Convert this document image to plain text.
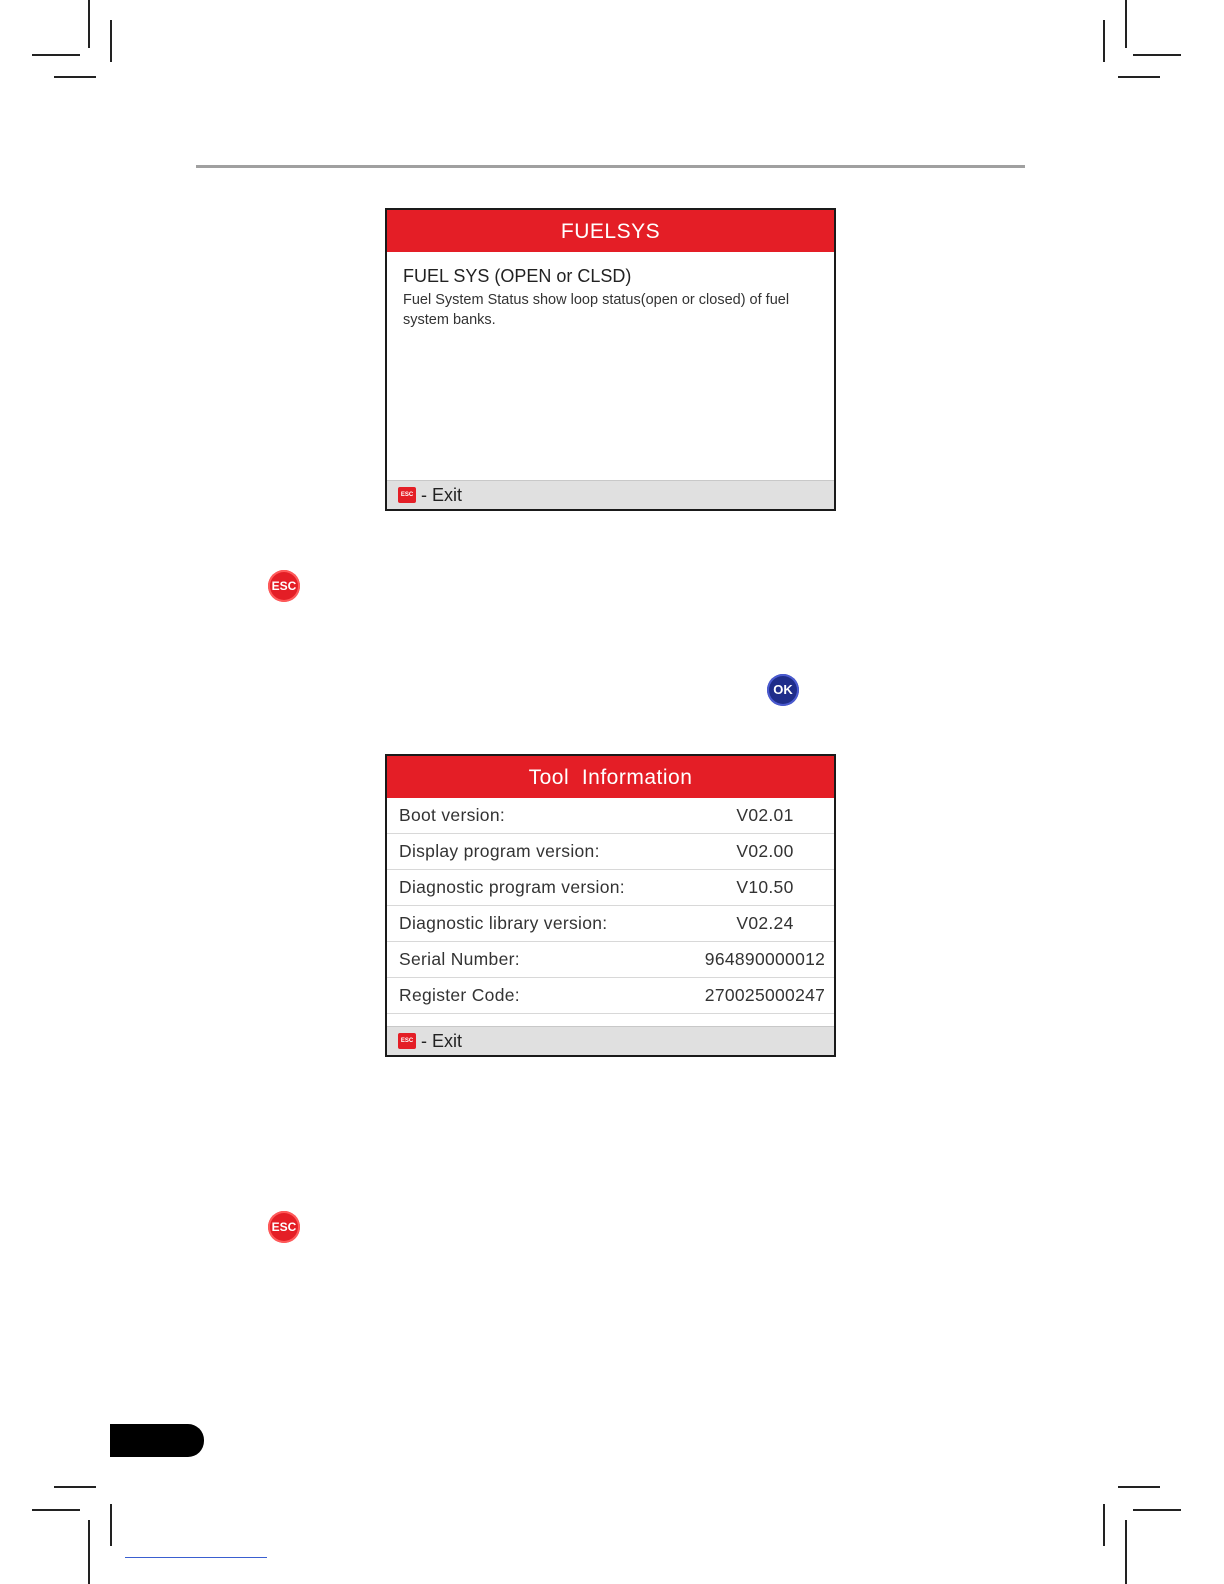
FUELSYS
FUEL SYS (OPEN or CLSD)
Fuel System Status show loop status(open or closed) of fuel system banks.
ESC - Exit
ESC
OK
Tool  Information
Boot version:	V02.01
Display program version:	V02.00
Diagnostic program version:	V10.50
Diagnostic library version:	V02.24
Serial Number:	964890000012
Register Code:	270025000247
ESC - Exit
ESC
